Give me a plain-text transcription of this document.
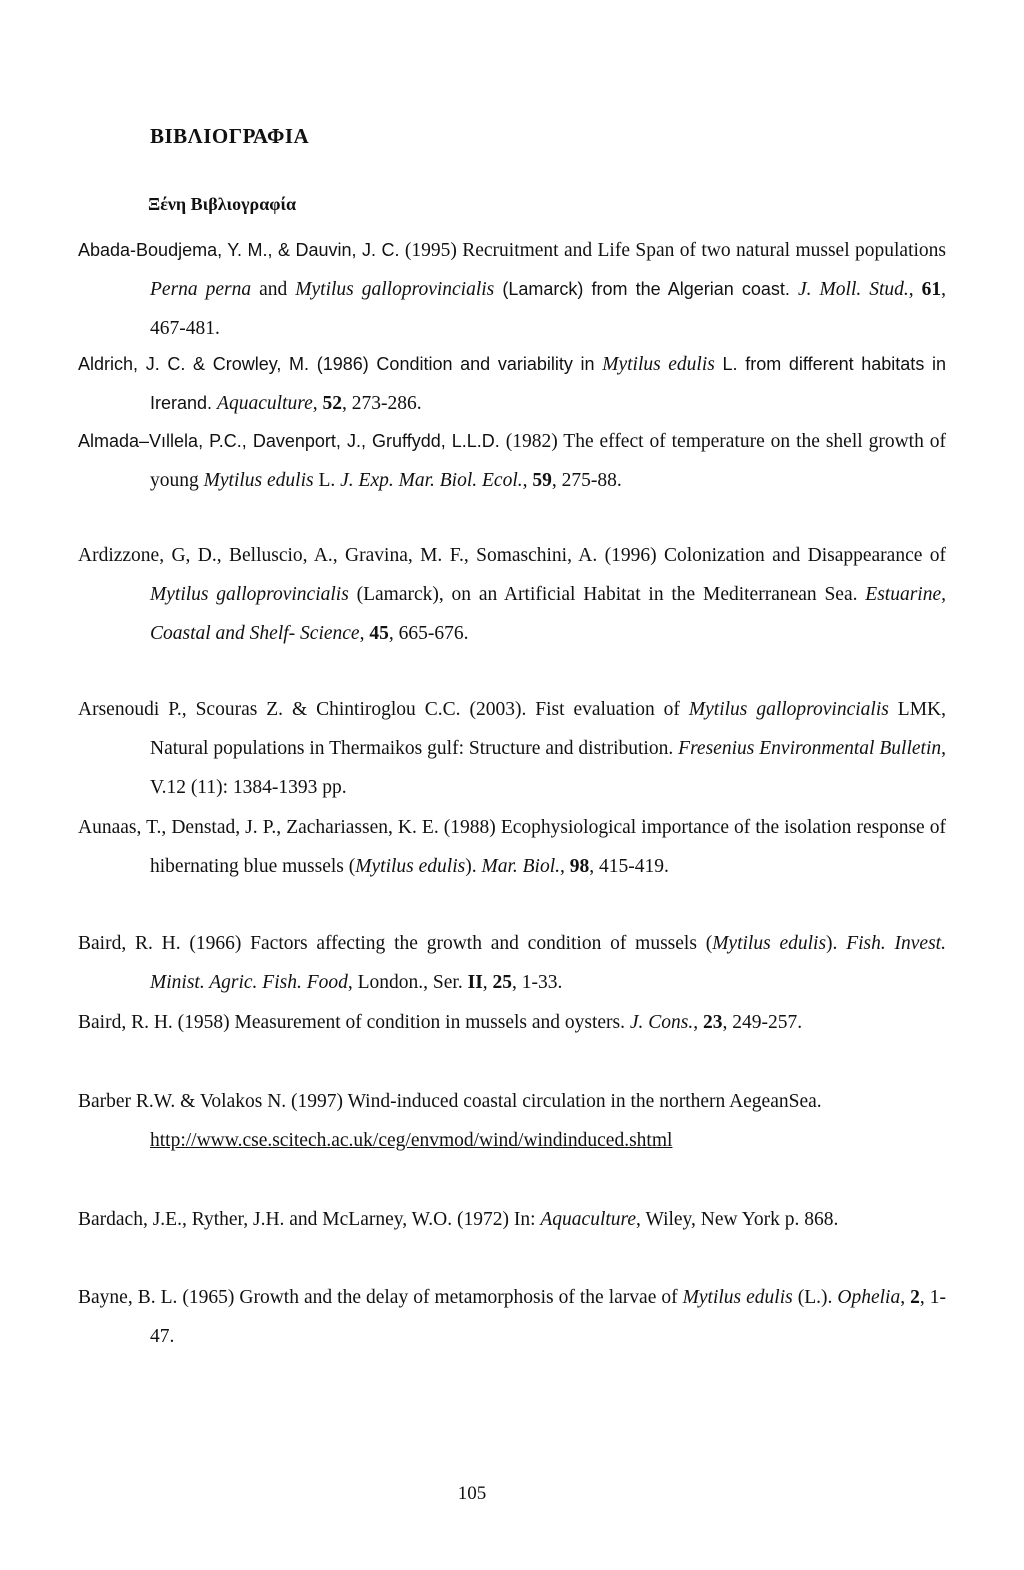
ΒΙΒΛΙΟΓΡΑΦΙΑ
Ξένη Βιβλιογραφία

Abada-Boudjema, Y. M., & Dauvin, J. C. (1995) Recruitment and Life Span of two natural mussel populations Perna perna and Mytilus galloprovincialis (Lamarck) from the Algerian coast. J. Moll. Stud., 61, 467-481.

Aldrich, J. C. & Crowley, M. (1986) Condition and variability in Mytilus edulis L. from different habitats in Irerand. Aquaculture, 52, 273-286.

Almada–Vıllela, P.C., Davenport, J., Gruffydd, L.L.D. (1982) The effect of temperature on the shell growth of young Mytilus edulis L. J. Exp. Mar. Biol. Ecol., 59, 275-88.

Ardizzone, G, D., Belluscio, A., Gravina, M. F., Somaschini, A. (1996) Colonization and Disappearance of Mytilus galloprovincialis (Lamarck), on an Artificial Habitat in the Mediterranean Sea. Estuarine, Coastal and Shelf- Science, 45, 665-676.

Arsenoudi P., Scouras Z. & Chintiroglou C.C. (2003). Fist evaluation of Mytilus galloprovincialis LMK, Natural populations in Thermaikos gulf: Structure and distribution. Fresenius Environmental Bulletin, V.12 (11): 1384-1393 pp.

Aunaas, T., Denstad, J. P., Zachariassen, K. E. (1988) Ecophysiological importance of the isolation response of hibernating blue mussels (Mytilus edulis). Mar. Biol., 98, 415-419.

Baird, R. H. (1966) Factors affecting the growth and condition of mussels (Mytilus edulis). Fish. Invest. Minist. Agric. Fish. Food, London., Ser. II, 25, 1-33.

Baird, R. H. (1958) Measurement of condition in mussels and oysters. J. Cons., 23, 249-257.

Barber R.W. & Volakos N. (1997) Wind-induced coastal circulation in the northern AegeanSea.
http://www.cse.scitech.ac.uk/ceg/envmod/wind/windinduced.shtml

Bardach, J.E., Ryther, J.H. and McLarney, W.O. (1972) In: Aquaculture, Wiley, New York p. 868.

Bayne, B. L. (1965) Growth and the delay of metamorphosis of the larvae of Mytilus edulis (L.). Ophelia, 2, 1-47.

105
